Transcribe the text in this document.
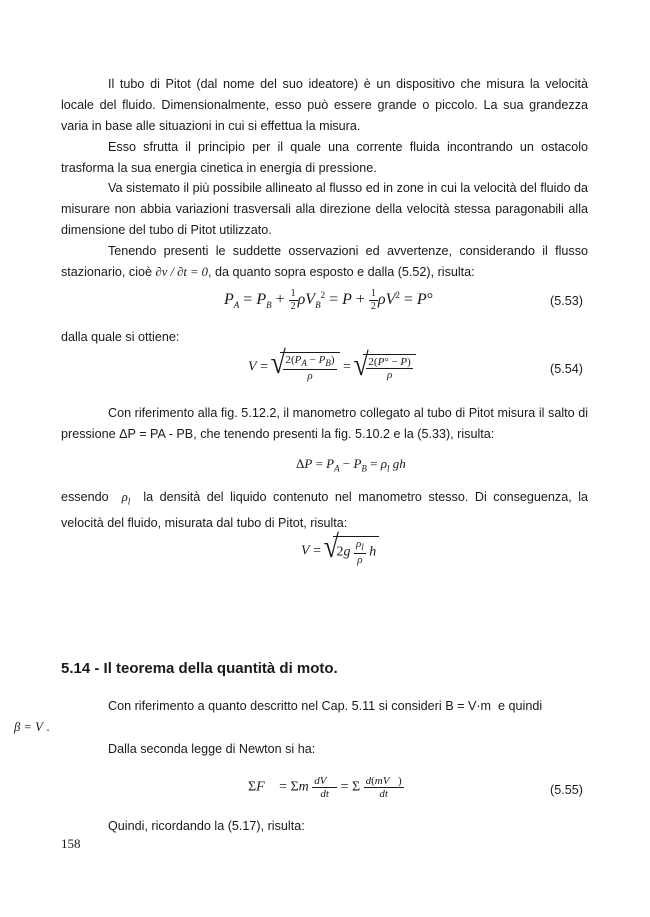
Il tubo di Pitot (dal nome del suo ideatore) è un dispositivo che misura la velocità locale del fluido. Dimensionalmente, esso può essere grande o piccolo. La sua grandezza varia in base alle situazioni in cui si effettua la misura.

Esso sfrutta il principio per il quale una corrente fluida incontrando un ostacolo trasforma la sua energia cinetica in energia di pressione.

Va sistemato il più possibile allineato al flusso ed in zone in cui la velocità del fluido da misurare non abbia variazioni trasversali alla direzione della velocità stessa paragonabili alla dimensione del tubo di Pitot utilizzato.

Tenendo presenti le suddette osservazioni ed avvertenze, considerando il flusso stazionario, cioè ∂v / ∂t = 0, da quanto sopra esposto e dalla (5.52), risulta:

$P_A = P_B + \frac{1}{2} \rho V_B^2 = P + \frac{1}{2} \rho V^2 = P^\circ$	(5.53)

dalla quale si ottiene:

V = √ $\frac{2(P_A - P_B)}{\rho}$ = √ $\frac{2(P^\circ - P)}{\rho}$	(5.54)

Con riferimento alla fig. 5.12.2, il manometro collegato al tubo di Pitot misura il salto di pressione ΔP = PA - PB, che tenendo presenti la fig. 5.10.2 e la (5.33), risulta:

$\Delta P = P_A - P_B = \rho_l$ gh

essendo $\rho_l$ la densità del liquido contenuto nel manometro stesso. Di conseguenza, la velocità del fluido, misurata dal tubo di Pitot, risulta:

V = √ $2g \frac{\rho_l}{\rho}$ h
5.14 - Il teorema della quantità di moto.

Con riferimento a quanto descritto nel Cap. 5.11 si consideri B = V·m e quindi
β = V .

Dalla seconda legge di Newton si ha:

ΣF⃗ = Σm $\frac{dV⃗}{dt} = \Sigma \frac{d(mV⃗)}{dt}$	(5.55)

Quindi, ricordando la (5.17), risulta:

158
